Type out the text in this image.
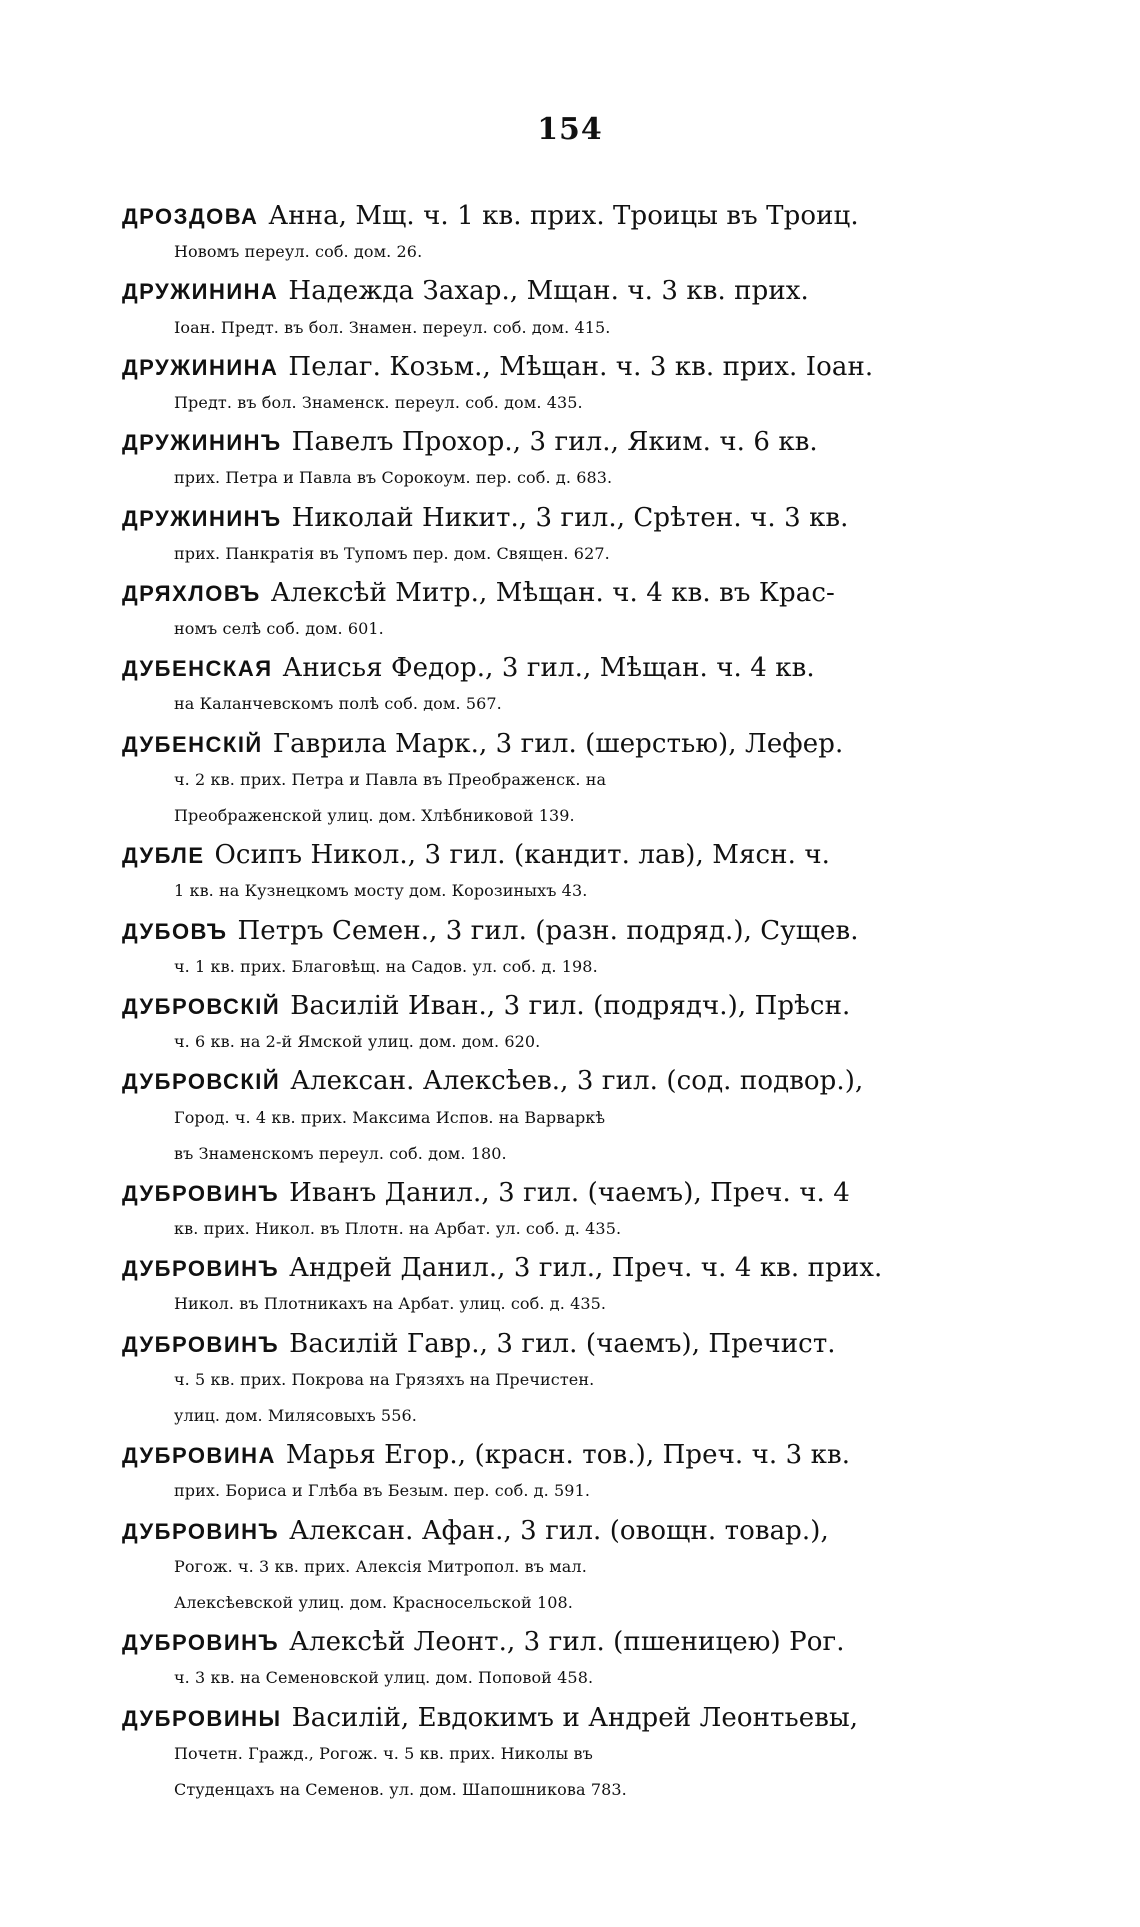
154
ДРОЗДОВА Анна, Мщ. ч. 1 кв. прих. Троицы въ Троиц.
Новомъ переул. соб. дом. 26.
ДРУЖИНИНА Надежда Захар., Мщан. ч. 3 кв. прих.
Іоан. Предт. въ бол. Знамен. переул. соб. дом. 415.
ДРУЖИНИНА Пелаг. Козьм., Мѣщан. ч. 3 кв. прих. Іоан.
Предт. въ бол. Знаменск. переул. соб. дом. 435.
ДРУЖИНИНЪ Павелъ Прохор., 3 гил., Яким. ч. 6 кв.
прих. Петра и Павла въ Сорокоум. пер. соб. д. 683.
ДРУЖИНИНЪ Николай Никит., 3 гил., Срѣтен. ч. 3 кв.
прих. Панкратія въ Тупомъ пер. дом. Священ. 627.
ДРЯХЛОВЪ Алексѣй Митр., Мѣщан. ч. 4 кв. въ Крас-
номъ селѣ соб. дом. 601.
ДУБЕНСКАЯ Анисья Федор., 3 гил., Мѣщан. ч. 4 кв.
на Каланчевскомъ полѣ соб. дом. 567.
ДУБЕНСКІЙ Гаврила Марк., 3 гил. (шерстью), Лефер.
ч. 2 кв. прих. Петра и Павла въ Преображенск. на
Преображенской улиц. дом. Хлѣбниковой 139.
ДУБЛЕ Осипъ Никол., 3 гил. (кандит. лав), Мясн. ч.
1 кв. на Кузнецкомъ мосту дом. Корозиныхъ 43.
ДУБОВЪ Петръ Семен., 3 гил. (разн. подряд.), Сущев.
ч. 1 кв. прих. Благовѣщ. на Садов. ул. соб. д. 198.
ДУБРОВСКІЙ Василій Иван., 3 гил. (подрядч.), Прѣсн.
ч. 6 кв. на 2-й Ямской улиц. дом. дом. 620.
ДУБРОВСКІЙ Алексан. Алексѣев., 3 гил. (сод. подвор.),
Город. ч. 4 кв. прих. Максима Испов. на Варваркѣ
въ Знаменскомъ переул. соб. дом. 180.
ДУБРОВИНЪ Иванъ Данил., 3 гил. (чаемъ), Преч. ч. 4
кв. прих. Никол. въ Плотн. на Арбат. ул. соб. д. 435.
ДУБРОВИНЪ Андрей Данил., 3 гил., Преч. ч. 4 кв. прих.
Никол. въ Плотникахъ на Арбат. улиц. соб. д. 435.
ДУБРОВИНЪ Василій Гавр., 3 гил. (чаемъ), Пречист.
ч. 5 кв. прих. Покрова на Грязяхъ на Пречистен.
улиц. дом. Милясовыхъ 556.
ДУБРОВИНА Марья Егор., (красн. тов.), Преч. ч. 3 кв.
прих. Бориса и Глѣба въ Безым. пер. соб. д. 591.
ДУБРОВИНЪ Алексан. Афан., 3 гил. (овощн. товар.),
Рогож. ч. 3 кв. прих. Алексія Митропол. въ мал.
Алексѣевской улиц. дом. Красносельской 108.
ДУБРОВИНЪ Алексѣй Леонт., 3 гил. (пшеницею) Рог.
ч. 3 кв. на Семеновской улиц. дом. Поповой 458.
ДУБРОВИНЫ Василій, Евдокимъ и Андрей Леонтьевы,
Почетн. Гражд., Рогож. ч. 5 кв. прих. Николы въ
Студенцахъ на Семенов. ул. дом. Шапошникова 783.
